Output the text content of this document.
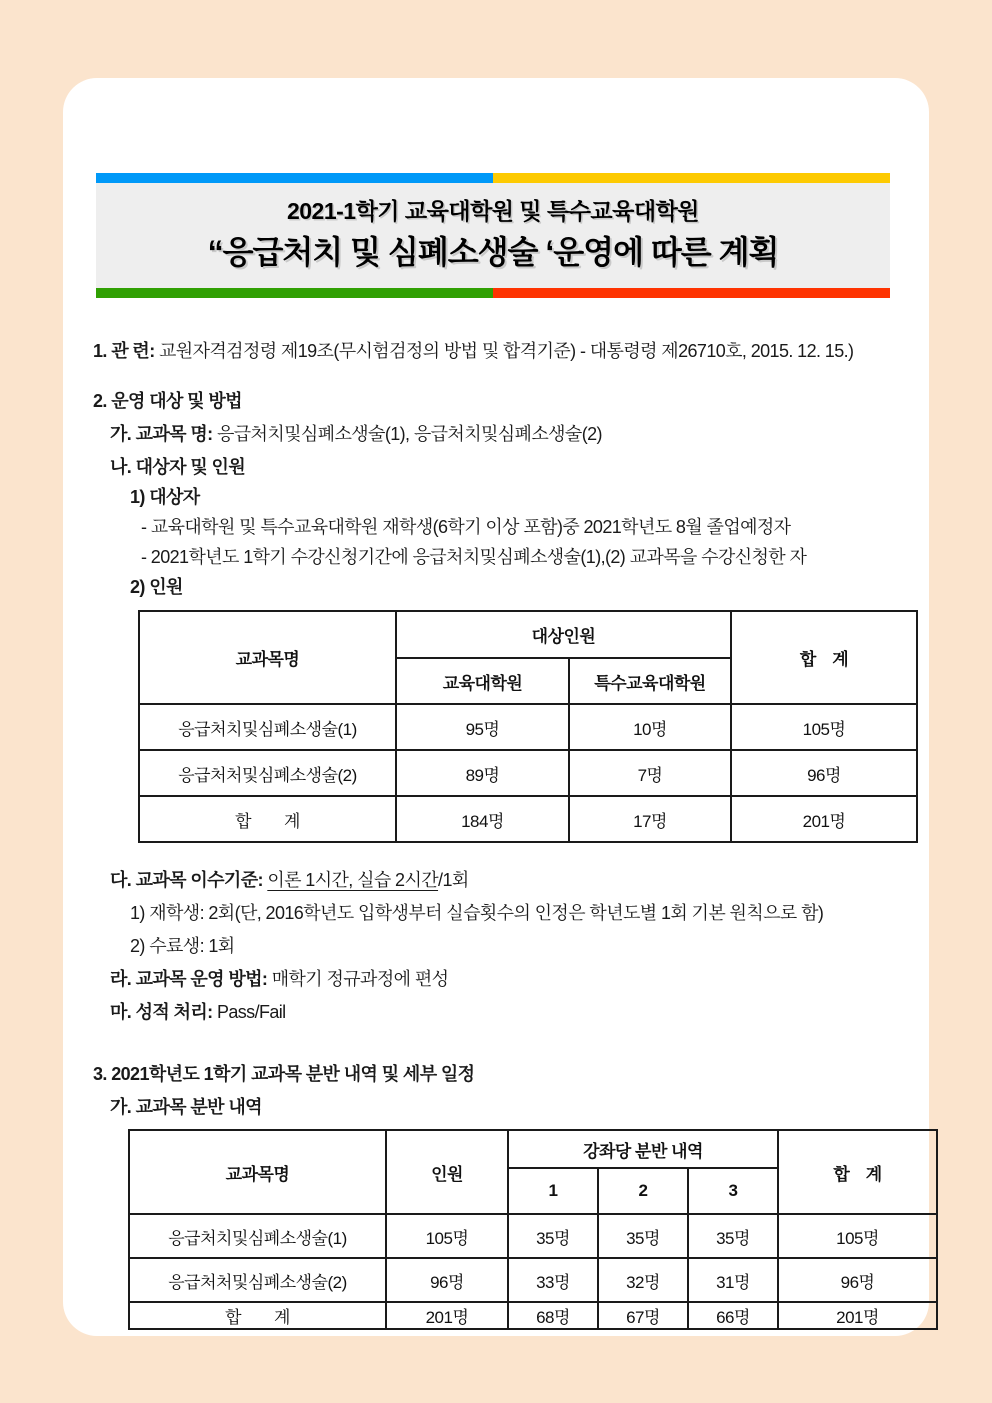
2021-1학기 교육대학원 및 특수교육대학원
“응급처치 및 심폐소생술 ‘운영에 따른 계획
1. 관 련: 교원자격검정령 제19조(무시험검정의 방법 및 합격기준) - 대통령령 제26710호, 2015. 12. 15.)
2. 운영 대상 및 방법
가. 교과목 명: 응급처치및심폐소생술(1), 응급처치및심폐소생술(2)
나. 대상자 및 인원
1) 대상자
- 교육대학원 및 특수교육대학원 재학생(6학기 이상 포함)중 2021학년도 8월 졸업예정자
- 2021학년도 1학기 수강신청기간에 응급처치및심폐소생술(1),(2) 교과목을 수강신청한 자
2) 인원
교과목명	대상인원		합　계
	교육대학원	특수교육대학원	
응급처치및심폐소생술(1)	95명	10명	105명
응급처처및심폐소생술(2)	89명	7명	96명
합　　계	184명	17명	201명
다. 교과목 이수기준: 이론 1시간, 실습 2시간/1회
1) 재학생: 2회(단, 2016학년도 입학생부터 실습횟수의 인정은 학년도별 1회 기본 원칙으로 함)
2) 수료생: 1회
라. 교과목 운영 방법: 매학기 정규과정에 편성
마. 성적 처리: Pass/Fail
3. 2021학년도 1학기 교과목 분반 내역 및 세부 일정
가. 교과목 분반 내역
교과목명	인원	강좌당 분반 내역			합　계
		1	2	3	
응급처치및심폐소생술(1)	105명	35명	35명	35명	105명
응급처처및심폐소생술(2)	96명	33명	32명	31명	96명
합　　계	201명	68명	67명	66명	201명
